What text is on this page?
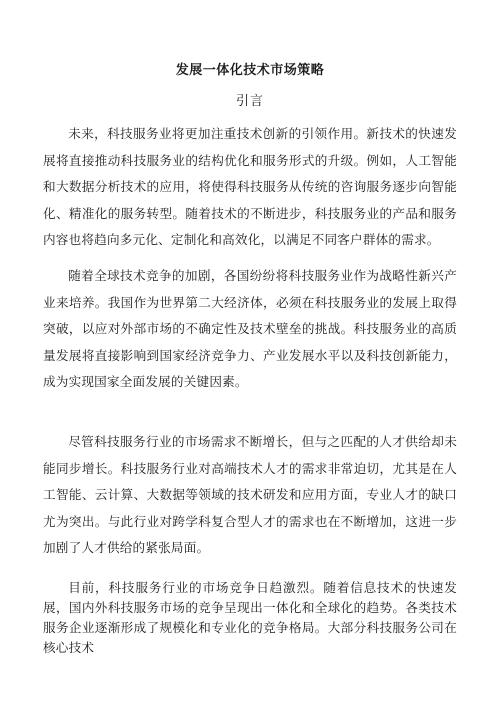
发展一体化技术市场策略
引言

未来，科技服务业将更加注重技术创新的引领作用。新技术的快速发展将直接推动科技服务业的结构优化和服务形式的升级。例如，人工智能和大数据分析技术的应用，将使得科技服务从传统的咨询服务逐步向智能化、精准化的服务转型。随着技术的不断进步，科技服务业的产品和服务内容也将趋向多元化、定制化和高效化，以满足不同客户群体的需求。

随着全球技术竞争的加剧，各国纷纷将科技服务业作为战略性新兴产业来培养。我国作为世界第二大经济体，必须在科技服务业的发展上取得突破，以应对外部市场的不确定性及技术壁垒的挑战。科技服务业的高质量发展将直接影响到国家经济竞争力、产业发展水平以及科技创新能力，成为实现国家全面发展的关键因素。

尽管科技服务行业的市场需求不断增长，但与之匹配的人才供给却未能同步增长。科技服务行业对高端技术人才的需求非常迫切，尤其是在人工智能、云计算、大数据等领域的技术研发和应用方面，专业人才的缺口尤为突出。与此行业对跨学科复合型人才的需求也在不断增加，这进一步加剧了人才供给的紧张局面。

目前，科技服务行业的市场竞争日趋激烈。随着信息技术的快速发展，国内外科技服务市场的竞争呈现出一体化和全球化的趋势。各类技术服务企业逐渐形成了规模化和专业化的竞争格局。大部分科技服务公司在核心技术
